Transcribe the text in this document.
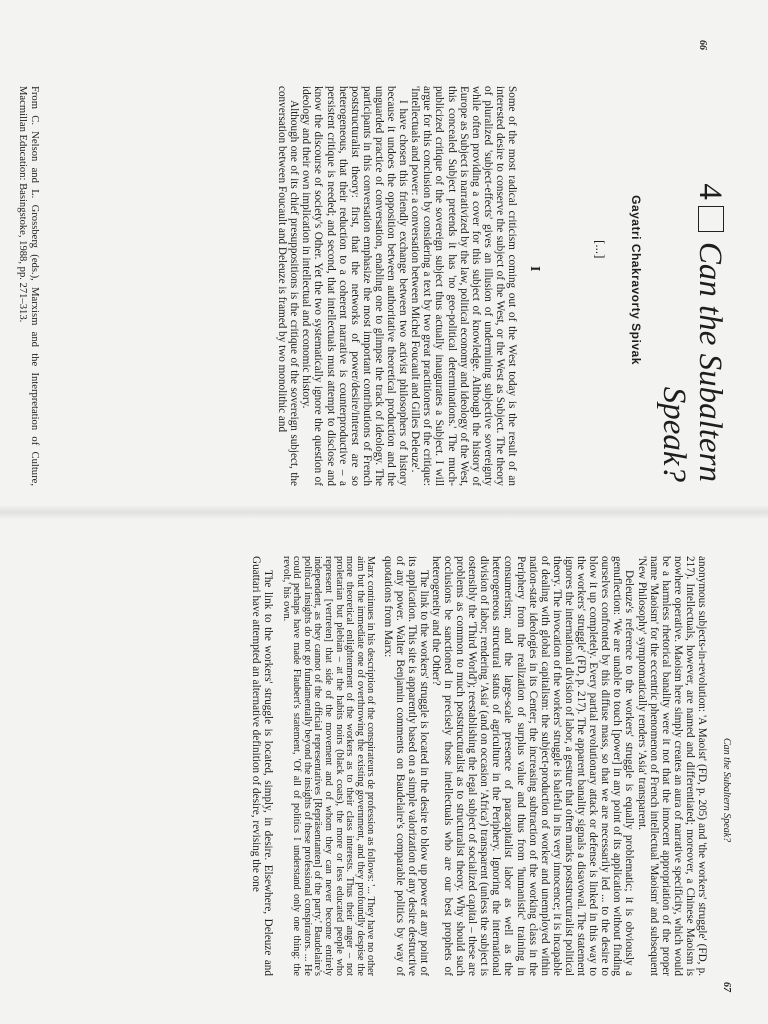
66
4Can the Subaltern
Speak?
Gayatri Chakravorty Spivak
[...]
I

Some of the most radical criticism coming out of the West today is the result of an interested desire to conserve the subject of the West, or the West as Subject. The theory of pluralized 'subject-effects' gives an illusion of undermining subjective sovereignty while often providing a cover for this subject of knowledge. Although the history of Europe as Subject is narrativized by the law, political economy and ideology of the West, this concealed Subject pretends it has 'no geo-political determinations.' The much-publicized critique of the sovereign subject thus actually inaugurates a Subject. I will argue for this conclusion by considering a text by two great practitioners of the critique: 'Intellectuals and power: a conversation between Michel Foucault and Gilles Deleuze'.

I have chosen this friendly exchange between two activist philosophers of history because it undoes the opposition between authoritative theoretical production and the unguarded practice of conversation, enabling one to glimpse the track of ideology. The participants in this conversation emphasize the most important contributions of French poststructuralist theory: first, that the networks of power/desire/interest are so heterogeneous, that their reduction to a coherent narrative is counterproductive – a persistent critique is needed; and second, that intellectuals must attempt to disclose and know the discourse of society's Other. Yet the two systematically ignore the question of ideology and their own implication in intellectual and economic history.

Although one of its chief presuppositions is the critique of the sovereign subject, the conversation between Foucault and Deleuze is framed by two monolithic and

From C. Nelson and L. Grossberg (eds.), Marxism and the Interpretation of Culture, Macmillan Education: Basingstoke, 1988, pp. 271–313.
Can the Subaltern Speak?
67

anonymous subjects-in-revolution: 'A Maoist' (FD, p. 205) and 'the workers' struggle' (FD, p. 217). Intellectuals, however, are named and differentiated; moreover, a Chinese Maoism is nowhere operative. Maoism here simply creates an aura of narrative specificity, which would be a harmless rhetorical banality were it not that the innocent appropriation of the proper name 'Maoism' for the eccentric phenomenon of French intellectual 'Maoism' and subsequent 'New Philosophy' symptomatically renders 'Asia' transparent.

Deleuze's reference to the workers' struggle is equally problematic; it is obviously a genuflection: 'We are unable to touch [power] in any point of its application without finding ourselves confronted by this diffuse mass, so that we are necessarily led ... to the desire to blow it up completely. Every partial revolutionary attack or defense is linked in this way to the workers' struggle' (FD, p. 217). The apparent banality signals a disavowal. The statement ignores the international division of labor, a gesture that often marks poststructuralist political theory. The invocation of the workers' struggle is baleful in its very innocence; it is incapable of dealing with global capitalism: the subject-production of worker and unemployed within nation-state ideologies in its Center; the increasing subtraction of the working class in the Periphery from the realization of surplus value and thus from 'humanistic' training in consumerism; and the large-scale presence of paracapitalist labor as well as the heterogeneous structural status of agriculture in the Periphery. Ignoring the international division of labor; rendering 'Asia' (and on occasion 'Africa') transparent (unless the subject is ostensibly the 'Third World'); reestablishing the legal subject of socialized capital – these are problems as common to much poststructuralist as to structuralist theory. Why should such occlusions be sanctioned in precisely those intellectuals who are our best prophets of heterogeneity and the Other?

The link to the workers' struggle is located in the desire to blow up power at any point of its application. This site is apparently based on a simple valorization of any desire destructive of any power. Walter Benjamin comments on Baudelaire's comparable politics by way of quotations from Marx:

Marx continues in his description of the conspirateurs de profession as follows: '... They have no other aim but the immediate one of overthrowing the existing government, and they profoundly despise the more theoretical enlightenment of the workers as to their class interests. Thus their anger – not proletarian but plebian – at the habits noirs (black coats), the more or less educated people who represent [vertreten] that side of the movement and of whom they can never become entirely independent, as they cannot of the official representatives [Repräsentanten] of the party.' Baudelaire's political insights do not go fundamentally beyond the insights of these professional conspirators. ... He could perhaps have made Flaubert's statement, 'Of all of politics I understand only one thing: the revolt,' his own.

The link to the workers' struggle is located, simply, in desire. Elsewhere, Deleuze and Guattari have attempted an alternative definition of desire, revising the one
